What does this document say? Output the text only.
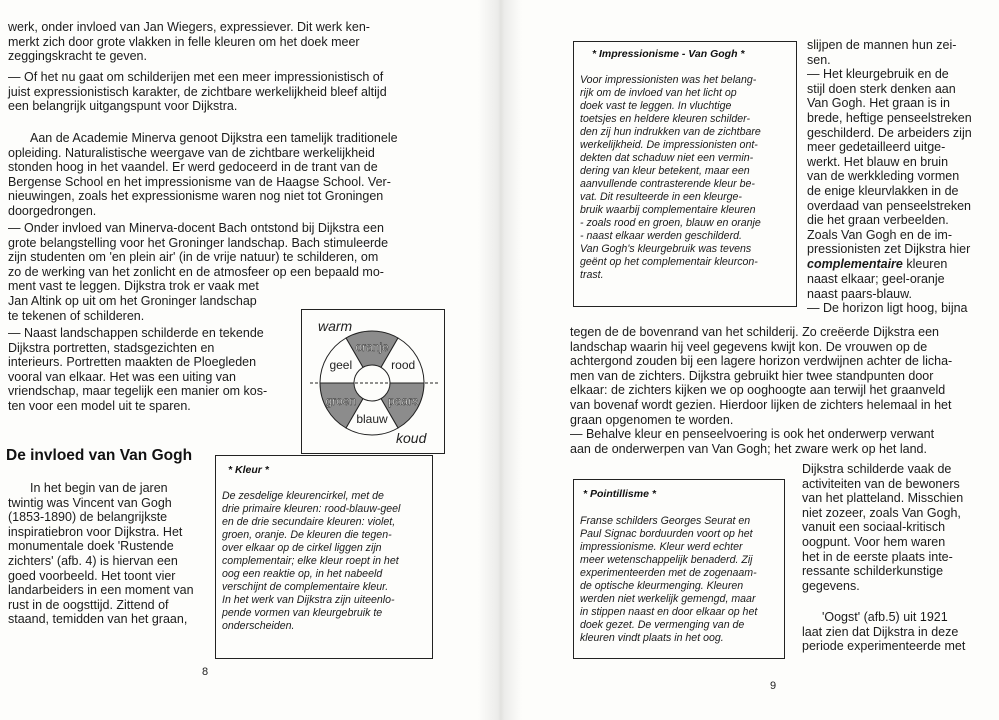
werk, onder invloed van Jan Wiegers, expressiever. Dit werk ken-
merkt zich door grote vlakken in felle kleuren om het doek meer
zeggingskracht te geven.
— Of het nu gaat om schilderijen met een meer impressionistisch of
juist expressionistisch karakter, de zichtbare werkelijkheid bleef altijd
een belangrijk uitgangspunt voor Dijkstra.
Aan de Academie Minerva genoot Dijkstra een tamelijk traditionele
opleiding. Naturalistische weergave van de zichtbare werkelijkheid
stonden hoog in het vaandel. Er werd gedoceerd in de trant van de
Bergense School en het impressionisme van de Haagse School. Ver-
nieuwingen, zoals het expressionisme waren nog niet tot Groningen
doorgedrongen.
— Onder invloed van Minerva-docent Bach ontstond bij Dijkstra een
grote belangstelling voor het Groninger landschap. Bach stimuleerde
zijn studenten om 'en plein air' (in de vrije natuur) te schilderen, om
zo de werking van het zonlicht en de atmosfeer op een bepaald mo-
ment vast te leggen. Dijkstra trok er vaak met
Jan Altink op uit om het Groninger landschap
te tekenen of schilderen.
— Naast landschappen schilderde en tekende
Dijkstra portretten, stadsgezichten en
interieurs. Portretten maakten de Ploegleden
vooral van elkaar. Het was een uiting van
vriendschap, maar tegelijk een manier om kos-
ten voor een model uit te sparen.
warm
koud
oranje
rood
paars
blauw
groen
geel
De invloed van Van Gogh
In het begin van de jaren
twintig was Vincent van Gogh
(1853-1890) de belangrijkste
inspiratiebron voor Dijkstra. Het
monumentale doek 'Rustende
zichters' (afb. 4) is hiervan een
goed voorbeeld. Het toont vier
landarbeiders in een moment van
rust in de oogsttijd. Zittend of
staand, temidden van het graan,
* Kleur *
De zesdelige kleurencirkel, met de
drie primaire kleuren: rood-blauw-geel
en de drie secundaire kleuren: violet,
groen, oranje. De kleuren die tegen-
over elkaar op de cirkel liggen zijn
complementair; elke kleur roept in het
oog een reaktie op, in het nabeeld
verschijnt de complementaire kleur.
In het werk van Dijkstra zijn uiteenlo-
pende vormen van kleurgebruik te
onderscheiden.
8
* Impressionisme - Van Gogh *
Voor impressionisten was het belang-
rijk om de invloed van het licht op
doek vast te leggen. In vluchtige
toetsjes en heldere kleuren schilder-
den zij hun indrukken van de zichtbare
werkelijkheid. De impressionisten ont-
dekten dat schaduw niet een vermin-
dering van kleur betekent, maar een
aanvullende contrasterende kleur be-
vat. Dit resulteerde in een kleurge-
bruik waarbij complementaire kleuren
- zoals rood en groen, blauw en oranje
- naast elkaar werden geschilderd.
Van Gogh's kleurgebruik was tevens
geënt op het complementair kleurcon-
trast.
slijpen de mannen hun zei-
sen.
— Het kleurgebruik en de
stijl doen sterk denken aan
Van Gogh. Het graan is in
brede, heftige penseelstreken
geschilderd. De arbeiders zijn
meer gedetailleerd uitge-
werkt. Het blauw en bruin
van de werkkleding vormen
de enige kleurvlakken in de
overdaad van penseelstreken
die het graan verbeelden.
Zoals Van Gogh en de im-
pressionisten zet Dijkstra hier
complementaire kleuren
naast elkaar; geel-oranje
naast paars-blauw.
— De horizon ligt hoog, bijna
tegen de de bovenrand van het schilderij. Zo creëerde Dijkstra een
landschap waarin hij veel gegevens kwijt kon. De vrouwen op de
achtergond zouden bij een lagere horizon verdwijnen achter de licha-
men van de zichters. Dijkstra gebruikt hier twee standpunten door
elkaar: de zichters kijken we op ooghoogte aan terwijl het graanveld
van bovenaf wordt gezien. Hierdoor lijken de zichters helemaal in het
graan opgenomen te worden.
— Behalve kleur en penseelvoering is ook het onderwerp verwant
aan de onderwerpen van Van Gogh; het zware werk op het land.
* Pointillisme *
Franse schilders Georges Seurat en
Paul Signac borduurden voort op het
impressionisme. Kleur werd echter
meer wetenschappelijk benaderd. Zij
experimenteerden met de zogenaam-
de optische kleurmenging. Kleuren
werden niet werkelijk gemengd, maar
in stippen naast en door elkaar op het
doek gezet. De vermenging van de
kleuren vindt plaats in het oog.
Dijkstra schilderde vaak de
activiteiten van de bewoners
van het platteland. Misschien
niet zozeer, zoals Van Gogh,
vanuit een sociaal-kritisch
oogpunt. Voor hem waren
het in de eerste plaats inte-
ressante schilderkunstige
gegevens.
'Oogst' (afb.5) uit 1921
laat zien dat Dijkstra in deze
periode experimenteerde met
9
